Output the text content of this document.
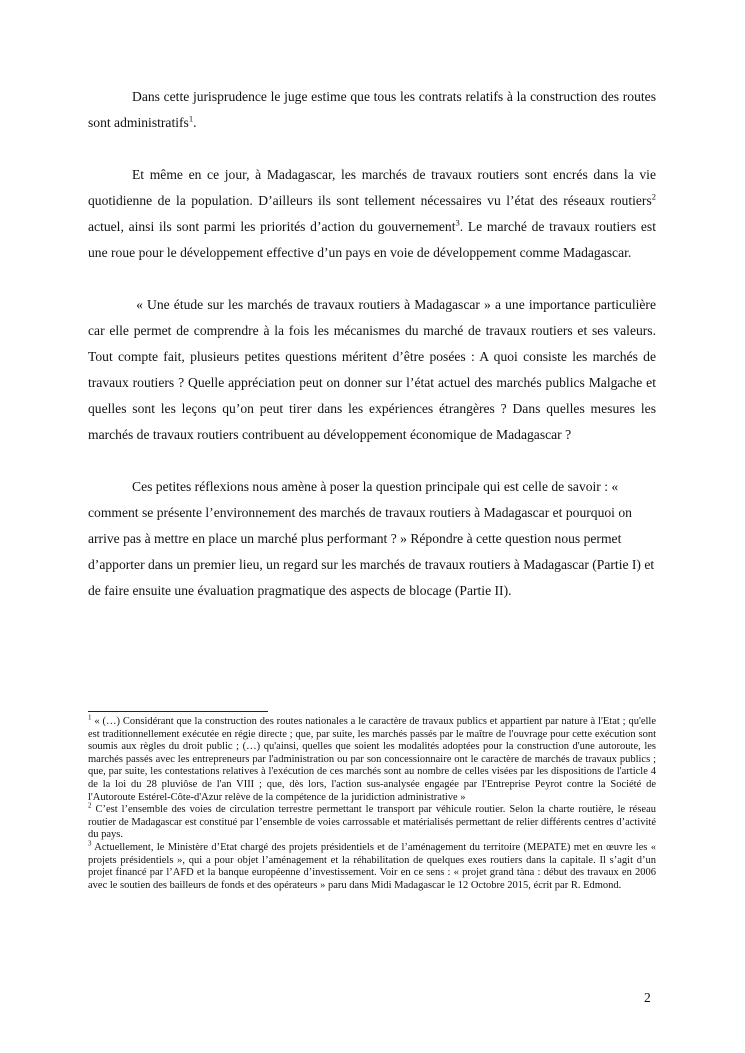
Dans cette jurisprudence le juge estime que tous les contrats relatifs à la construction des routes sont administratifs$^1$.

Et même en ce jour, à Madagascar, les marchés de travaux routiers sont encrés dans la vie quotidienne de la population. D’ailleurs ils sont tellement nécessaires vu l’état des réseaux routiers$^2$ actuel, ainsi ils sont parmi les priorités d’action du gouvernement$^3$. Le marché de travaux routiers est une roue pour le développement effective d’un pays en voie de développement comme Madagascar.

« Une étude sur les marchés de travaux routiers à Madagascar » a une importance particulière car elle permet de comprendre à la fois les mécanismes du marché de travaux routiers et ses valeurs. Tout compte fait, plusieurs petites questions méritent d’être posées : A quoi consiste les marchés de travaux routiers ? Quelle appréciation peut on donner sur l’état actuel des marchés publics Malgache et quelles sont les leçons qu’on peut tirer dans les expériences étrangères ? Dans quelles mesures les marchés de travaux routiers contribuent au développement économique de Madagascar ?

Ces petites réflexions nous amène à poser la question principale qui est celle de savoir : « comment se présente l’environnement des marchés de travaux routiers à Madagascar et pourquoi on arrive pas à mettre en place un marché plus performant ? » Répondre à cette question nous permet d’apporter dans un premier lieu, un regard sur les marchés de travaux routiers à Madagascar (Partie I) et de faire ensuite une évaluation pragmatique des aspects de blocage (Partie II).

$^1$ « (…) Considérant que la construction des routes nationales a le caractère de travaux publics et appartient par nature à l'Etat ; qu'elle est traditionnellement exécutée en régie directe ; que, par suite, les marchés passés par le maître de l'ouvrage pour cette exécution sont soumis aux règles du droit public ; (…) qu'ainsi, quelles que soient les modalités adoptées pour la construction d'une autoroute, les marchés passés avec les entrepreneurs par l'administration ou par son concessionnaire ont le caractère de marchés de travaux publics ; que, par suite, les contestations relatives à l'exécution de ces marchés sont au nombre de celles visées par les dispositions de l'article 4 de la loi du 28 pluviôse de l'an VIII ; que, dès lors, l'action sus-analysée engagée par l'Entreprise Peyrot contre la Société de l'Autoroute Estérel-Côte-d'Azur relève de la compétence de la juridiction administrative »

$^2$ C’est l’ensemble des voies de circulation terrestre permettant le transport par véhicule routier. Selon la charte routière, le réseau routier de Madagascar est constitué par l’ensemble de voies carrossable et matérialisés permettant de relier différents centres d’activité du pays.

$^3$ Actuellement, le Ministère d’Etat chargé des projets présidentiels et de l’aménagement du territoire (MEPATE) met en œuvre les « projets présidentiels », qui a pour objet l’aménagement et la réhabilitation de quelques exes routiers dans la capitale. Il s’agit d’un projet financé par l’AFD et la banque européenne d’investissement. Voir en ce sens : « projet grand tàna : début des travaux en 2006 avec le soutien des bailleurs de fonds et des opérateurs » paru dans Midi Madagascar le 12 Octobre 2015, écrit par R. Edmond.

2
